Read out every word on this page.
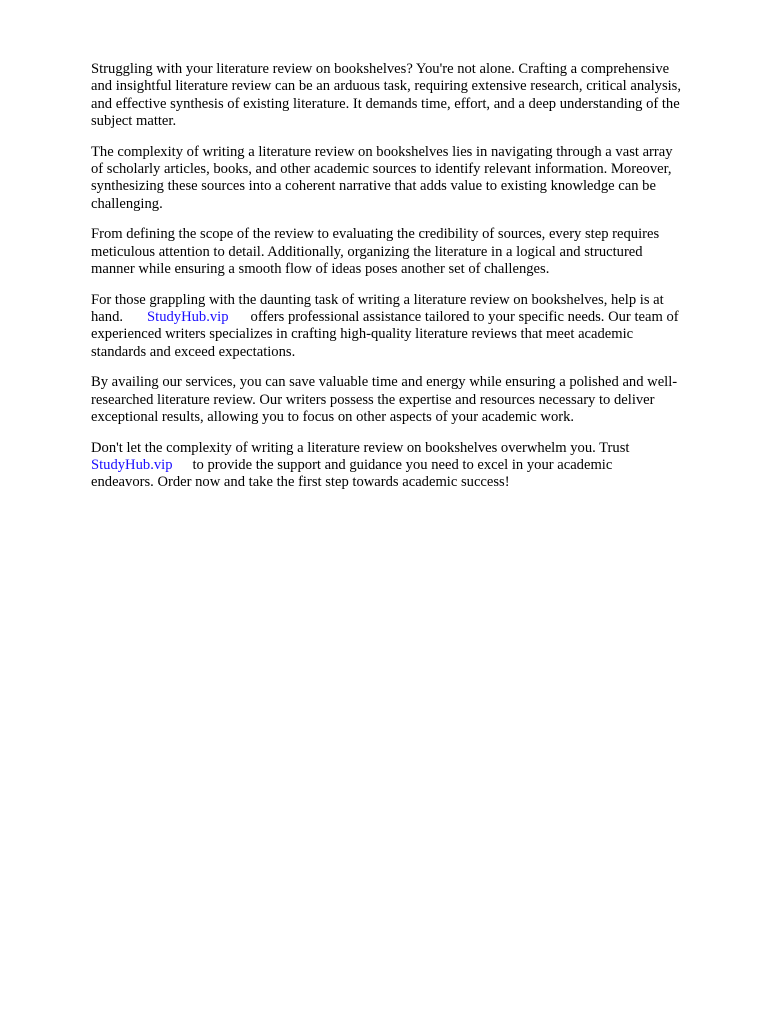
Struggling with your literature review on bookshelves? You're not alone. Crafting a comprehensive
and insightful literature review can be an arduous task, requiring extensive research, critical analysis,
and effective synthesis of existing literature. It demands time, effort, and a deep understanding of the
subject matter.

The complexity of writing a literature review on bookshelves lies in navigating through a vast array
of scholarly articles, books, and other academic sources to identify relevant information. Moreover,
synthesizing these sources into a coherent narrative that adds value to existing knowledge can be
challenging.

From defining the scope of the review to evaluating the credibility of sources, every step requires
meticulous attention to detail. Additionally, organizing the literature in a logical and structured
manner while ensuring a smooth flow of ideas poses another set of challenges.

For those grappling with the daunting task of writing a literature review on bookshelves, help is at
hand. StudyHub.vip offers professional assistance tailored to your specific needs. Our team of
experienced writers specializes in crafting high-quality literature reviews that meet academic
standards and exceed expectations.

By availing our services, you can save valuable time and energy while ensuring a polished and well-
researched literature review. Our writers possess the expertise and resources necessary to deliver
exceptional results, allowing you to focus on other aspects of your academic work.

Don't let the complexity of writing a literature review on bookshelves overwhelm you. Trust
StudyHub.vip to provide the support and guidance you need to excel in your academic
endeavors. Order now and take the first step towards academic success!
